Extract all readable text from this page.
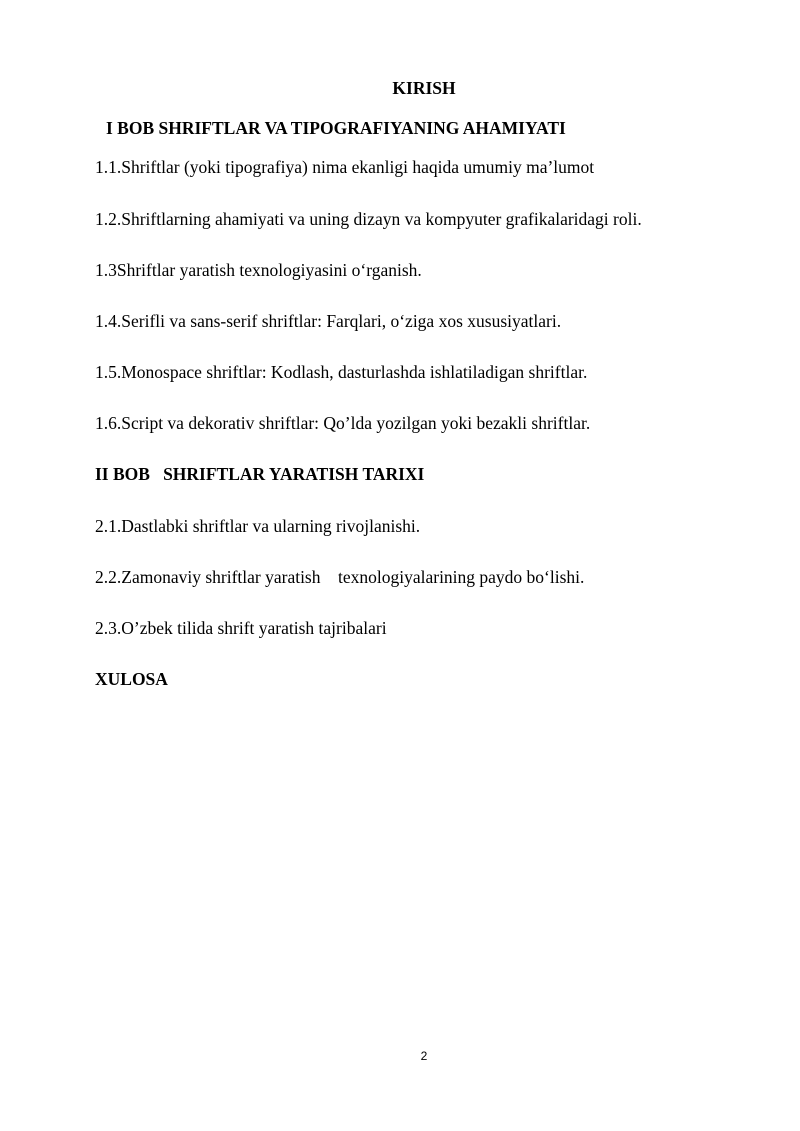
KIRISH
I BOB SHRIFTLAR VA TIPOGRAFIYANING AHAMIYATI
1.1.Shriftlar (yoki tipografiya) nima ekanligi haqida umumiy ma’lumot
1.2.Shriftlarning ahamiyati va uning dizayn va kompyuter grafikalaridagi roli.
1.3Shriftlar yaratish texnologiyasini o‘rganish.
1.4.Serifli va sans-serif shriftlar: Farqlari, o‘ziga xos xususiyatlari.
1.5.Monospace shriftlar: Kodlash, dasturlashda ishlatiladigan shriftlar.
1.6.Script va dekorativ shriftlar: Qo’lda yozilgan yoki bezakli shriftlar.
II BOB   SHRIFTLAR YARATISH TARIXI
2.1.Dastlabki shriftlar va ularning rivojlanishi.
2.2.Zamonaviy shriftlar yaratish    texnologiyalarining paydo bo‘lishi.
2.3.O’zbek tilida shrift yaratish tajribalari
XULOSA
2
